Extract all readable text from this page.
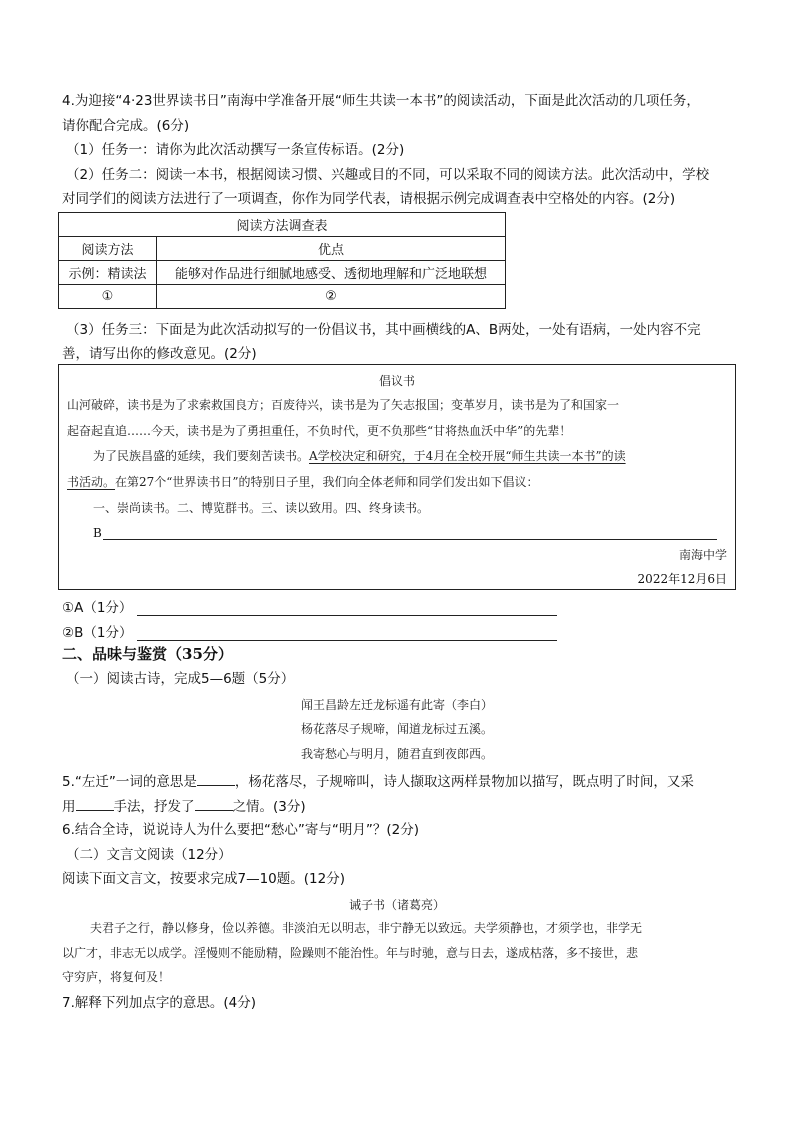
4.为迎接“4·23世界读书日”南海中学准备开展“师生共读一本书”的阅读活动，下面是此次活动的几项任务，
请你配合完成。(6分)
（1）任务一：请你为此次活动撰写一条宣传标语。(2分)
（2）任务二：阅读一本书，根据阅读习惯、兴趣或目的不同，可以采取不同的阅读方法。此次活动中，学校
对同学们的阅读方法进行了一项调查，你作为同学代表，请根据示例完成调查表中空格处的内容。(2分)
阅读方法调查表	
阅读方法	优点
示例：精读法	能够对作品进行细腻地感受、透彻地理解和广泛地联想
①	②
（3）任务三：下面是为此次活动拟写的一份倡议书，其中画横线的A、B两处，一处有语病，一处内容不完
善，请写出你的修改意见。(2分)
倡议书
山河破碎，读书是为了求索救国良方；百废待兴，读书是为了矢志报国；变革岁月，读书是为了和国家一
起奋起直追……今天，读书是为了勇担重任，不负时代，更不负那些“甘将热血沃中华”的先辈！
为了民族昌盛的延续，我们要刻苦读书。A学校决定和研究，于4月在全校开展“师生共读一本书”的读
书活动。在第27个“世界读书日”的特别日子里，我们向全体老师和同学们发出如下倡议：
一、崇尚读书。二、博览群书。三、读以致用。四、终身读书。
B
南海中学
2022年12月6日
①A（1分）
②B（1分）
二、品味与鉴赏（35分）
（一）阅读古诗，完成5—6题（5分）
闻王昌龄左迁龙标遥有此寄（李白）
杨花落尽子规啼，闻道龙标过五溪。
我寄愁心与明月，随君直到夜郎西。
5.“左迁”一词的意思是	，杨花落尽，子规啼叫，诗人撷取这两样景物加以描写，既点明了时间，又采
用	手法，抒发了	之情。(3分)
6.结合全诗，说说诗人为什么要把“愁心”寄与“明月”？(2分)
（二）文言文阅读（12分）
阅读下面文言文，按要求完成7—10题。(12分)
诫子书（诸葛亮）
夫君子之行，静以修身，俭以养德。非淡泊无以明志，非宁静无以致远。夫学须静也，才须学也，非学无
以广才，非志无以成学。淫慢则不能励精，险躁则不能治性。年与时驰，意与日去，遂成枯落，多不接世，悲
守穷庐，将复何及！
7.解释下列加点字的意思。(4分)
